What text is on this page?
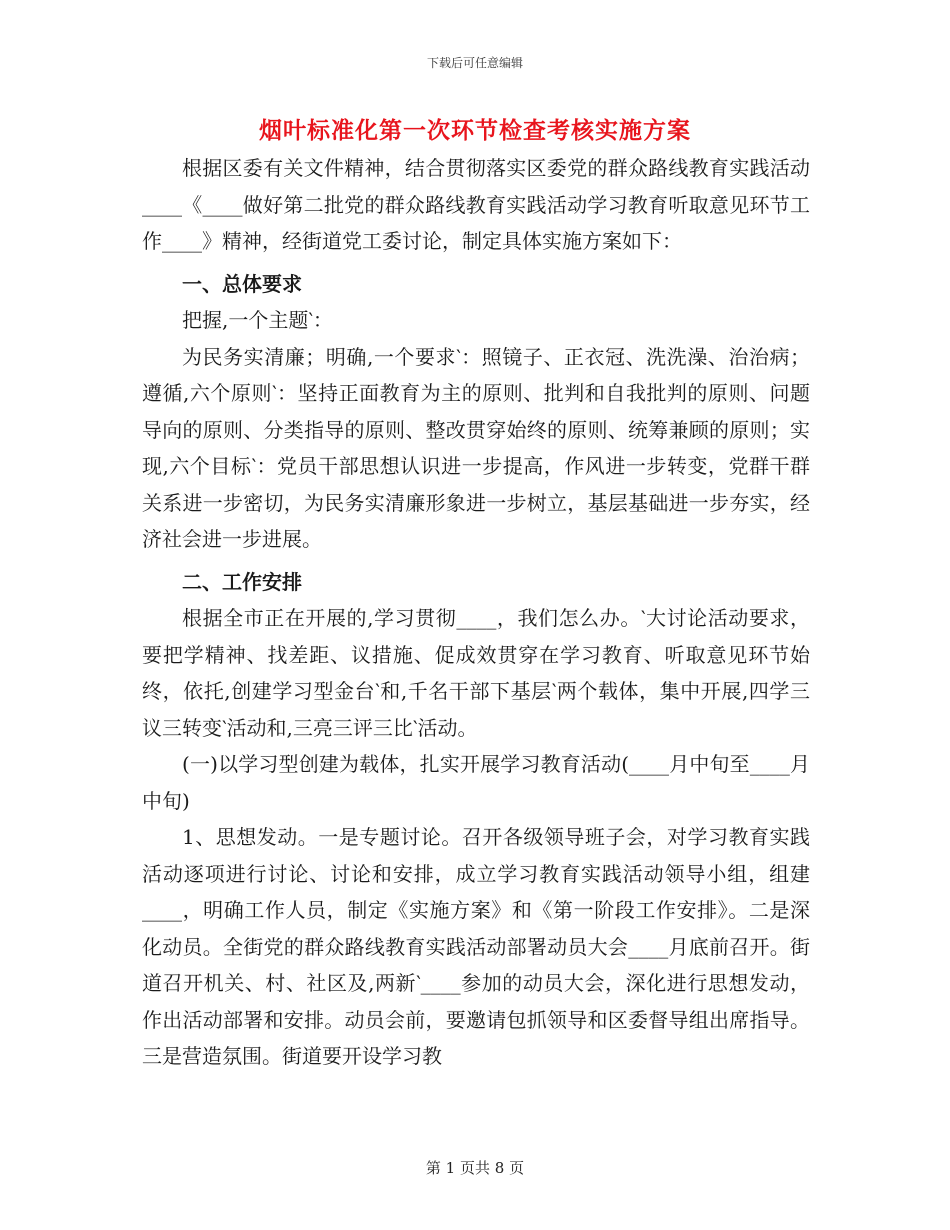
下载后可任意编辑
烟叶标准化第一次环节检查考核实施方案

根据区委有关文件精神，结合贯彻落实区委党的群众路线教育实践活动____《____做好第二批党的群众路线教育实践活动学习教育听取意见环节工作____》精神，经街道党工委讨论，制定具体实施方案如下：

一、总体要求

把握,一个主题‵：

为民务实清廉；明确,一个要求‵：照镜子、正衣冠、洗洗澡、治治病；遵循,六个原则‵：坚持正面教育为主的原则、批判和自我批判的原则、问题导向的原则、分类指导的原则、整改贯穿始终的原则、统筹兼顾的原则；实现,六个目标‵：党员干部思想认识进一步提高，作风进一步转变，党群干群关系进一步密切，为民务实清廉形象进一步树立，基层基础进一步夯实，经济社会进一步进展。

二、工作安排

根据全市正在开展的,学习贯彻____，我们怎么办。‵大讨论活动要求，要把学精神、找差距、议措施、促成效贯穿在学习教育、听取意见环节始终，依托,创建学习型金台‵和,千名干部下基层‵两个载体，集中开展,四学三议三转变‵活动和,三亮三评三比‵活动。

(一)以学习型创建为载体，扎实开展学习教育活动(____月中旬至____月中旬)

1、思想发动。一是专题讨论。召开各级领导班子会，对学习教育实践活动逐项进行讨论、讨论和安排，成立学习教育实践活动领导小组，组建____，明确工作人员，制定《实施方案》和《第一阶段工作安排》。二是深化动员。全街党的群众路线教育实践活动部署动员大会____月底前召开。街道召开机关、村、社区及,两新‵____参加的动员大会，深化进行思想发动，作出活动部署和安排。动员会前，要邀请包抓领导和区委督导组出席指导。三是营造氛围。街道要开设学习教

第 1 页共 8 页
